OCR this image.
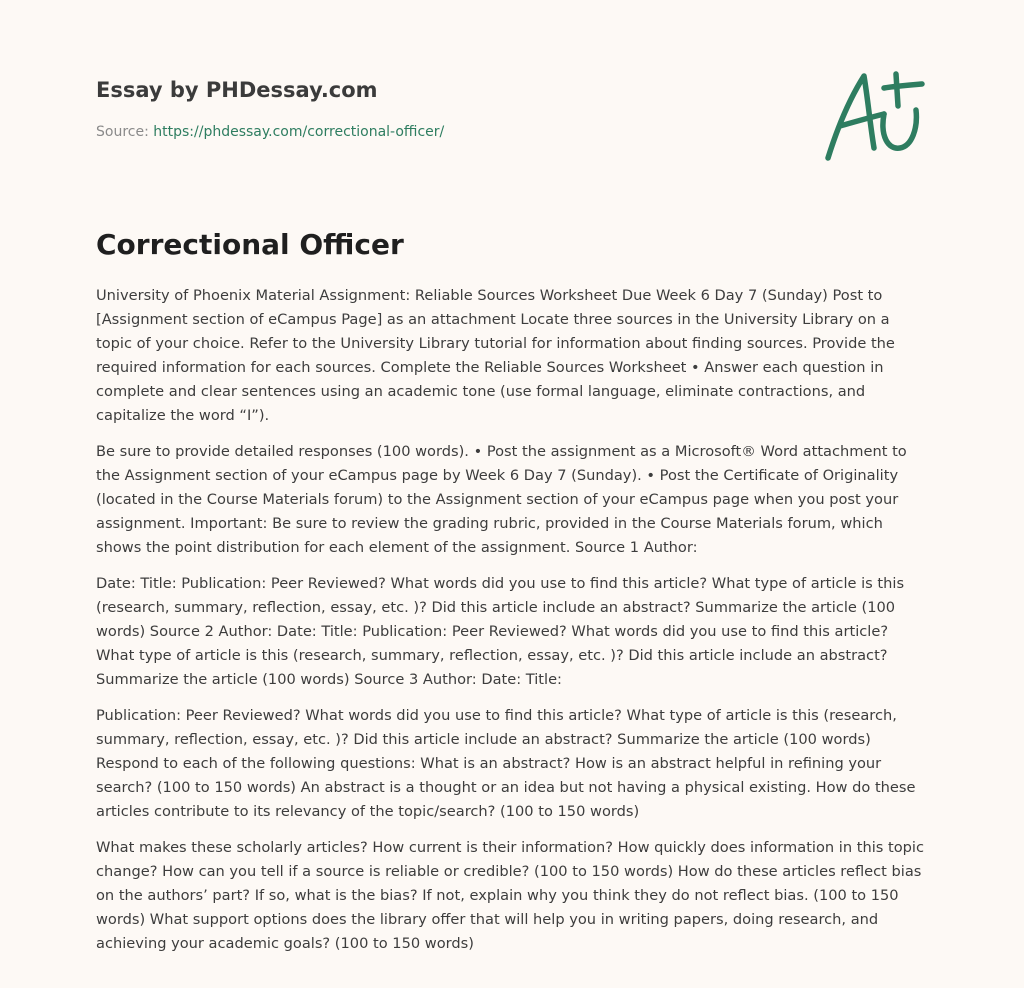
Essay by PHDessay.com

Source: https://phdessay.com/correctional-officer/
Correctional Officer

University of Phoenix Material Assignment: Reliable Sources Worksheet Due Week 6 Day 7 (Sunday) Post to [Assignment section of eCampus Page] as an attachment Locate three sources in the University Library on a topic of your choice. Refer to the University Library tutorial for information about finding sources. Provide the required information for each sources. Complete the Reliable Sources Worksheet • Answer each question in complete and clear sentences using an academic tone (use formal language, eliminate contractions, and capitalize the word “I”).

Be sure to provide detailed responses (100 words). • Post the assignment as a Microsoft® Word attachment to the Assignment section of your eCampus page by Week 6 Day 7 (Sunday). • Post the Certificate of Originality (located in the Course Materials forum) to the Assignment section of your eCampus page when you post your assignment. Important: Be sure to review the grading rubric, provided in the Course Materials forum, which shows the point distribution for each element of the assignment. Source 1 Author:

Date: Title: Publication: Peer Reviewed? What words did you use to find this article? What type of article is this (research, summary, reflection, essay, etc. )? Did this article include an abstract? Summarize the article (100 words) Source 2 Author: Date: Title: Publication: Peer Reviewed? What words did you use to find this article? What type of article is this (research, summary, reflection, essay, etc. )? Did this article include an abstract? Summarize the article (100 words) Source 3 Author: Date: Title:

Publication: Peer Reviewed? What words did you use to find this article? What type of article is this (research, summary, reflection, essay, etc. )? Did this article include an abstract? Summarize the article (100 words) Respond to each of the following questions: What is an abstract? How is an abstract helpful in refining your search? (100 to 150 words) An abstract is a thought or an idea but not having a physical existing. How do these articles contribute to its relevancy of the topic/search? (100 to 150 words)

What makes these scholarly articles? How current is their information? How quickly does information in this topic change? How can you tell if a source is reliable or credible? (100 to 150 words) How do these articles reflect bias on the authors’ part? If so, what is the bias? If not, explain why you think they do not reflect bias. (100 to 150 words) What support options does the library offer that will help you in writing papers, doing research, and achieving your academic goals? (100 to 150 words)
